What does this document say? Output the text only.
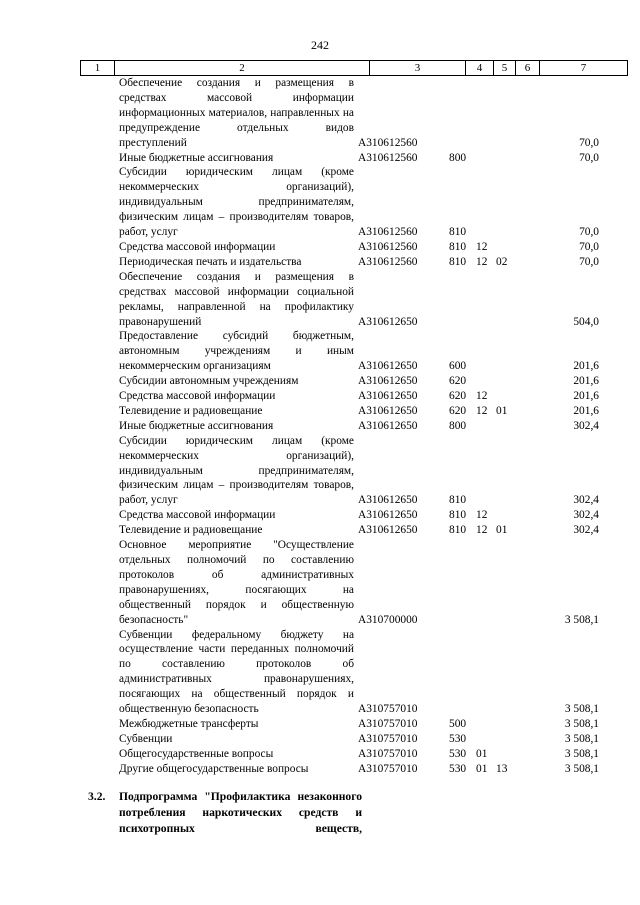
242
1	2	3	4	5	6	7
Обеспечение создания и размещения в средствах массовой информации информационных материалов, направленных на предупреждение отдельных видов преступлений	А310612560	70,0
Иные бюджетные ассигнования	А310612560	800	70,0
Субсидии юридическим лицам (кроме некоммерческих организаций), индивидуальным предпринимателям, физическим лицам – производителям товаров, работ, услуг	А310612560	810	70,0
Средства массовой информации	А310612560	810 12	70,0
Периодическая печать и издательства	А310612560	810 12 02	70,0
Обеспечение создания и размещения в средствах массовой информации социальной рекламы, направленной на профилактику правонарушений	А310612650	504,0
Предоставление субсидий бюджетным, автономным учреждениям и иным некоммерческим организациям	А310612650	600	201,6
Субсидии автономным учреждениям	А310612650	620	201,6
Средства массовой информации	А310612650	620 12	201,6
Телевидение и радиовещание	А310612650	620 12 01	201,6
Иные бюджетные ассигнования	А310612650	800	302,4
Субсидии юридическим лицам (кроме некоммерческих организаций), индивидуальным предпринимателям, физическим лицам – производителям товаров, работ, услуг	А310612650	810	302,4
Средства массовой информации	А310612650	810 12	302,4
Телевидение и радиовещание	А310612650	810 12 01	302,4
Основное мероприятие "Осуществление отдельных полномочий по составлению протоколов об административных правонарушениях, посягающих на общественный порядок и общественную безопасность"	А310700000	3 508,1
Субвенции федеральному бюджету на осуществление части переданных полномочий по составлению протоколов об административных правонарушениях, посягающих на общественный порядок и общественную безопасность	А310757010	3 508,1
Межбюджетные трансферты	А310757010	500	3 508,1
Субвенции	А310757010	530	3 508,1
Общегосударственные вопросы	А310757010	530 01	3 508,1
Другие общегосударственные вопросы	А310757010	530 01 13	3 508,1
3.2.	Подпрограмма "Профилактика незаконного потребления наркотических средств и психотропных веществ,
